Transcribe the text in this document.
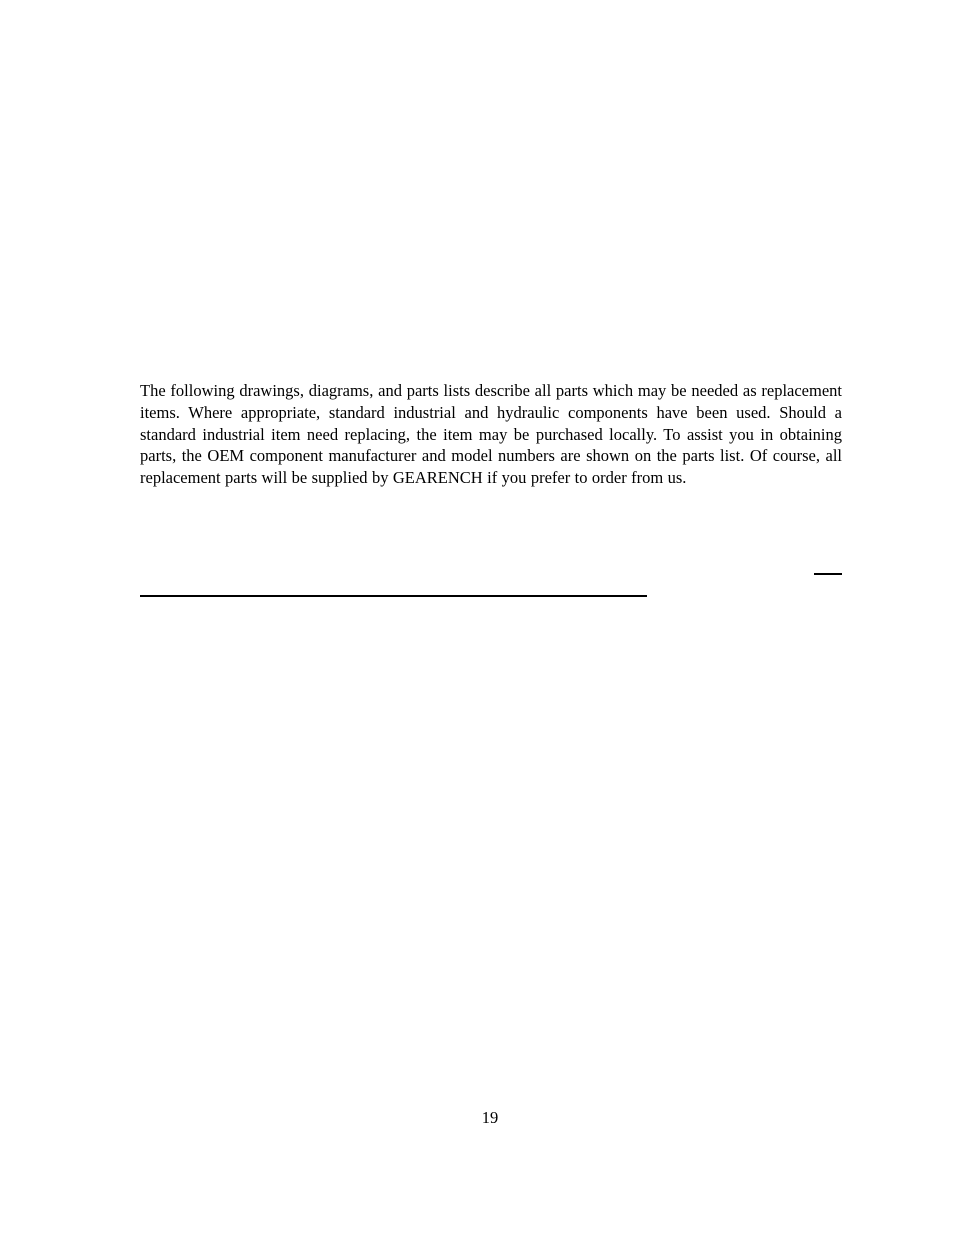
The following drawings, diagrams, and parts lists describe all parts which may be needed as replacement items. Where appropriate, standard industrial and hydraulic components have been used. Should a standard industrial item need replacing, the item may be purchased locally. To assist you in obtaining parts, the OEM component manufacturer and model numbers are shown on the parts list. Of course, all replacement parts will be supplied by GEARENCH if you prefer to order from us.

19
